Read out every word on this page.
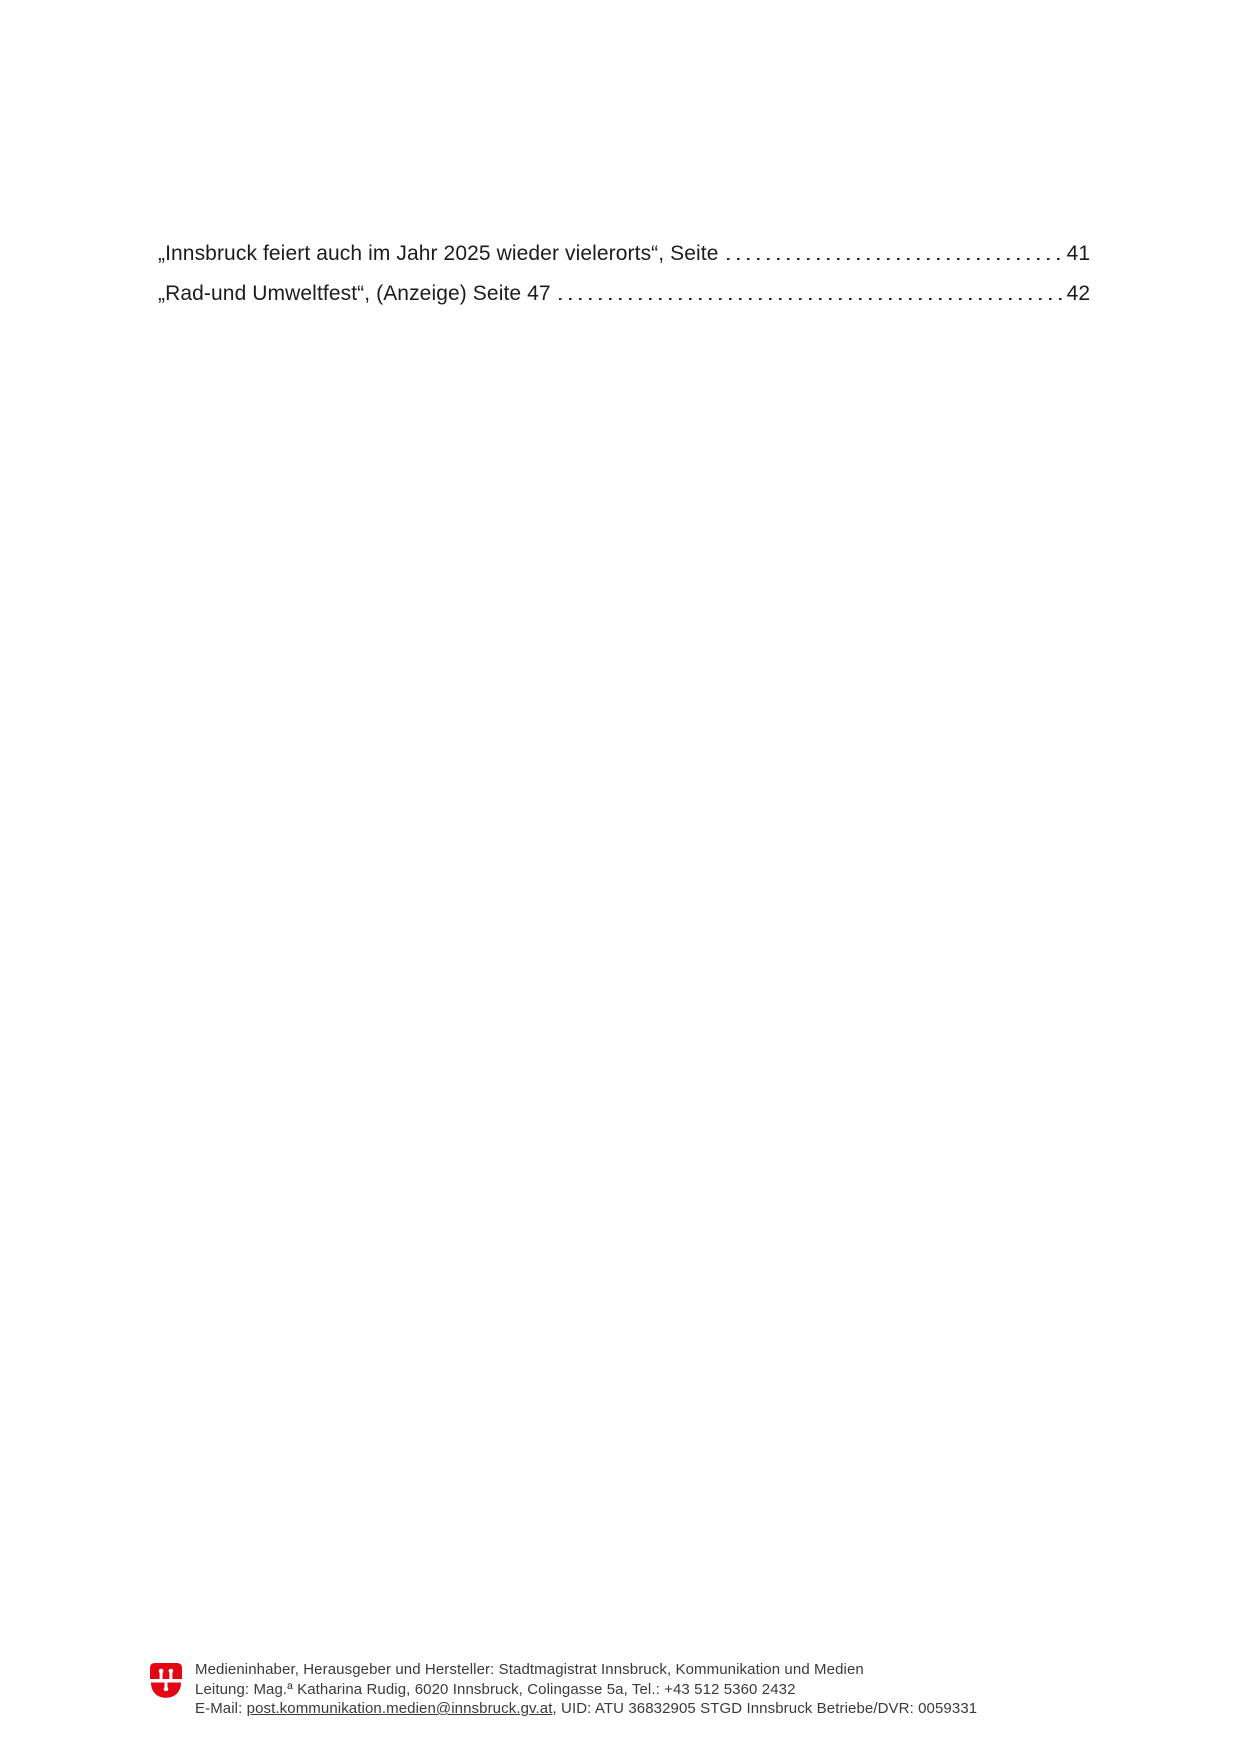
„Innsbruck feiert auch im Jahr 2025 wieder vielerorts“, Seite	41
„Rad-und Umweltfest“, (Anzeige) Seite 47	42
Medieninhaber, Herausgeber und Hersteller: Stadtmagistrat Innsbruck, Kommunikation und Medien
Leitung: Mag.ª Katharina Rudig, 6020 Innsbruck, Colingasse 5a, Tel.: +43 512 5360 2432
E-Mail: post.kommunikation.medien@innsbruck.gv.at, UID: ATU 36832905 STGD Innsbruck Betriebe/DVR: 0059331
